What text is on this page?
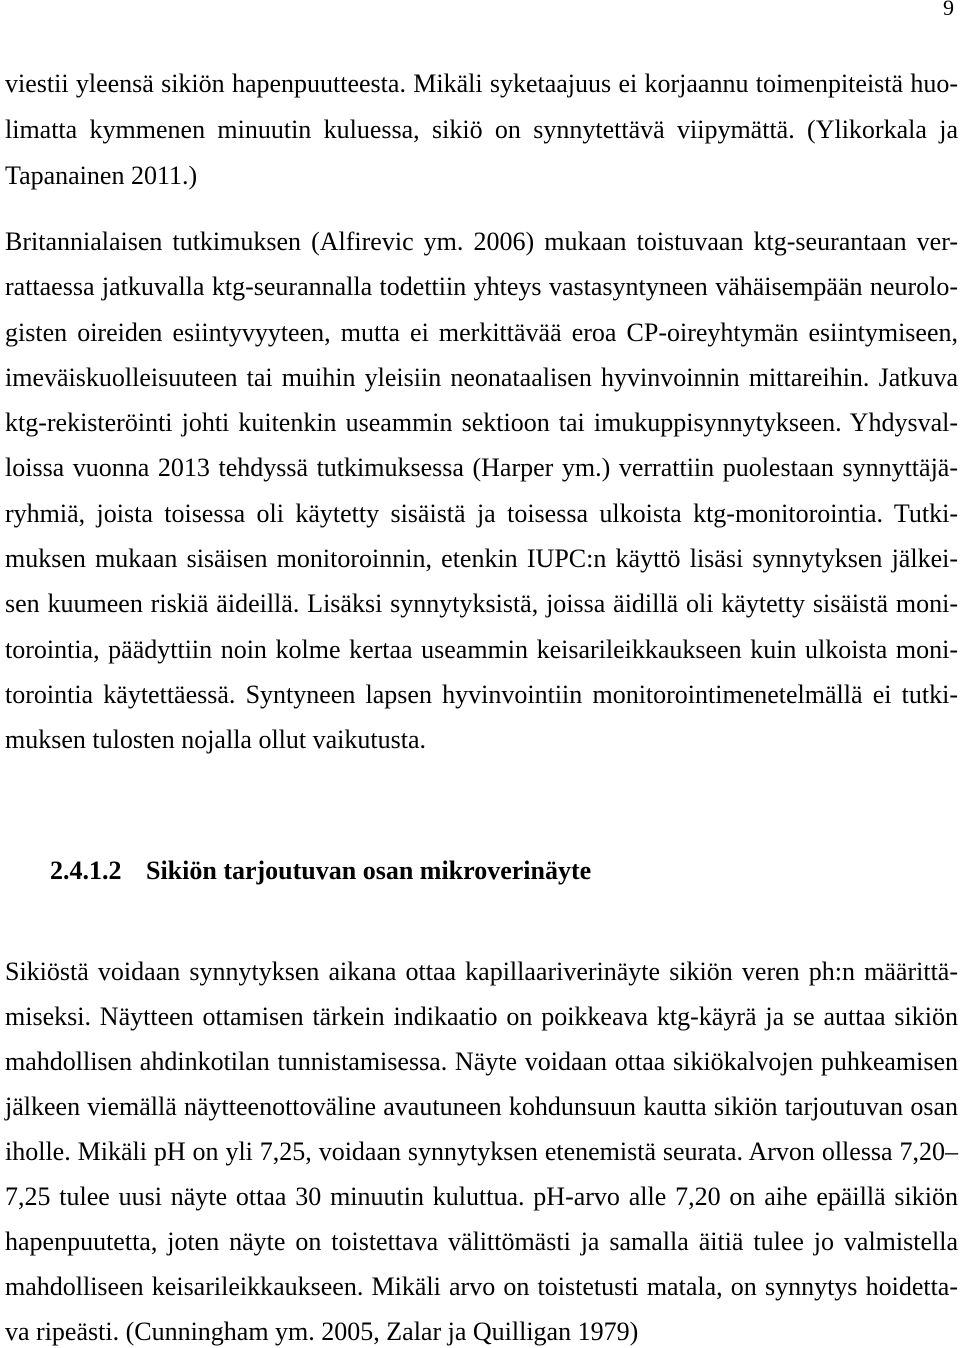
9
viestii yleensä sikiön hapenpuutteesta. Mikäli syketaajuus ei korjaannu toimenpiteistä huo-
limatta kymmenen minuutin kuluessa, sikiö on synnytettävä viipymättä. (Ylikorkala ja
Tapanainen 2011.)
Britannialaisen tutkimuksen (Alfirevic ym. 2006) mukaan toistuvaan ktg-seurantaan ver-
rattaessa jatkuvalla ktg-seurannalla todettiin yhteys vastasyntyneen vähäisempään neurolo-
gisten oireiden esiintyvyyteen, mutta ei merkittävää eroa CP-oireyhtymän esiintymiseen,
imeväiskuolleisuuteen tai muihin yleisiin neonataalisen hyvinvoinnin mittareihin. Jatkuva
ktg-rekisteröinti johti kuitenkin useammin sektioon tai imukuppisynnytykseen. Yhdysval-
loissa vuonna 2013 tehdyssä tutkimuksessa (Harper ym.) verrattiin puolestaan synnyttäjä-
ryhmiä, joista toisessa oli käytetty sisäistä ja toisessa ulkoista ktg-monitorointia. Tutki-
muksen mukaan sisäisen monitoroinnin, etenkin IUPC:n käyttö lisäsi synnytyksen jälkei-
sen kuumeen riskiä äideillä. Lisäksi synnytyksistä, joissa äidillä oli käytetty sisäistä moni-
torointia, päädyttiin noin kolme kertaa useammin keisarileikkaukseen kuin ulkoista moni-
torointia käytettäessä. Syntyneen lapsen hyvinvointiin monitorointimenetelmällä ei tutki-
muksen tulosten nojalla ollut vaikutusta.
2.4.1.2 Sikiön tarjoutuvan osan mikroverinäyte
Sikiöstä voidaan synnytyksen aikana ottaa kapillaariverinäyte sikiön veren ph:n määrittä-
miseksi. Näytteen ottamisen tärkein indikaatio on poikkeava ktg-käyrä ja se auttaa sikiön
mahdollisen ahdinkotilan tunnistamisessa. Näyte voidaan ottaa sikiökalvojen puhkeamisen
jälkeen viemällä näytteenottoväline avautuneen kohdunsuun kautta sikiön tarjoutuvan osan
iholle. Mikäli pH on yli 7,25, voidaan synnytyksen etenemistä seurata. Arvon ollessa 7,20–
7,25 tulee uusi näyte ottaa 30 minuutin kuluttua. pH-arvo alle 7,20 on aihe epäillä sikiön
hapenpuutetta, joten näyte on toistettava välittömästi ja samalla äitiä tulee jo valmistella
mahdolliseen keisarileikkaukseen. Mikäli arvo on toistetusti matala, on synnytys hoidetta-
va ripeästi. (Cunningham ym. 2005, Zalar ja Quilligan 1979)
